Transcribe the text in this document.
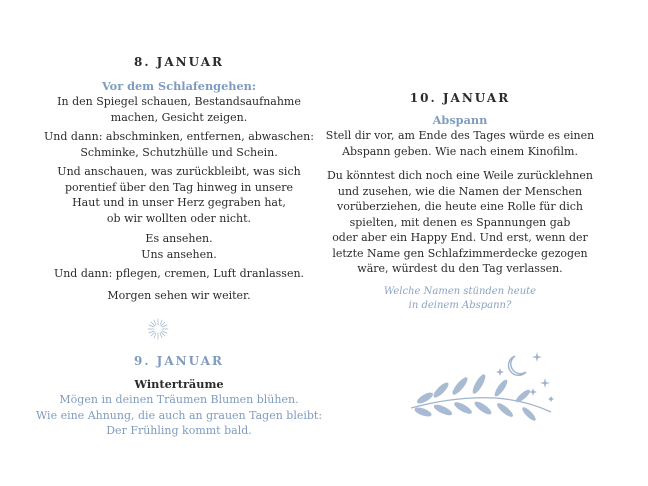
8. JANUAR

Vor dem Schlafengehen:

In den Spiegel schauen, Bestandsaufnahme

machen, Gesicht zeigen.

Und dann: abschminken, entfernen, abwaschen:

Schminke, Schutzhülle und Schein.

Und anschauen, was zurückbleibt, was sich

porentief über den Tag hinweg in unsere

Haut und in unser Herz gegraben hat,

ob wir wollten oder nicht.

Es ansehen.

Uns ansehen.

Und dann: pflegen, cremen, Luft dranlassen.

Morgen sehen wir weiter.

9. JANUAR

Winterträume

Mögen in deinen Träumen Blumen blühen.

Wie eine Ahnung, die auch an grauen Tagen bleibt:

Der Frühling kommt bald.

10. JANUAR

Abspann

Stell dir vor, am Ende des Tages würde es einen

Abspann geben. Wie nach einem Kinofilm.

Du könntest dich noch eine Weile zurücklehnen

und zusehen, wie die Namen der Menschen

vorüberziehen, die heute eine Rolle für dich

spielten, mit denen es Spannungen gab

oder aber ein Happy End. Und erst, wenn der

letzte Name gen Schlafzimmerdecke gezogen

wäre, würdest du den Tag verlassen.

Welche Namen stünden heute

in deinem Abspann?
